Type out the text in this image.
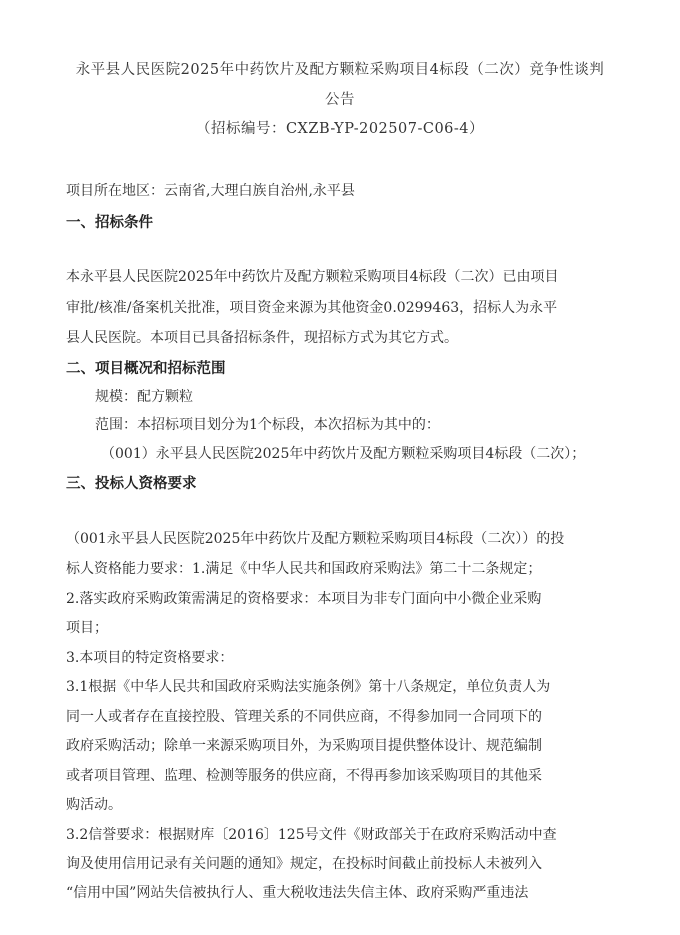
永平县人民医院2025年中药饮片及配方颗粒采购项目4标段（二次）竞争性谈判
公告
（招标编号：CXZB-YP-202507-C06-4）
项目所在地区：云南省,大理白族自治州,永平县
一、招标条件
本永平县人民医院2025年中药饮片及配方颗粒采购项目4标段（二次）已由项目
审批/核准/备案机关批准，项目资金来源为其他资金0.0299463，招标人为永平
县人民医院。本项目已具备招标条件，现招标方式为其它方式。
二、项目概况和招标范围
规模：配方颗粒
范围：本招标项目划分为1个标段，本次招标为其中的：
（001）永平县人民医院2025年中药饮片及配方颗粒采购项目4标段（二次）；
三、投标人资格要求
（001永平县人民医院2025年中药饮片及配方颗粒采购项目4标段（二次））的投
标人资格能力要求：1.满足《中华人民共和国政府采购法》第二十二条规定；
2.落实政府采购政策需满足的资格要求：本项目为非专门面向中小微企业采购
项目；
3.本项目的特定资格要求：
3.1根据《中华人民共和国政府采购法实施条例》第十八条规定，单位负责人为
同一人或者存在直接控股、管理关系的不同供应商，不得参加同一合同项下的
政府采购活动；除单一来源采购项目外，为采购项目提供整体设计、规范编制
或者项目管理、监理、检测等服务的供应商，不得再参加该采购项目的其他采
购活动。
3.2信誉要求：根据财库〔2016〕125号文件《财政部关于在政府采购活动中查
询及使用信用记录有关问题的通知》规定，在投标时间截止前投标人未被列入
“信用中国”网站失信被执行人、重大税收违法失信主体、政府采购严重违法
